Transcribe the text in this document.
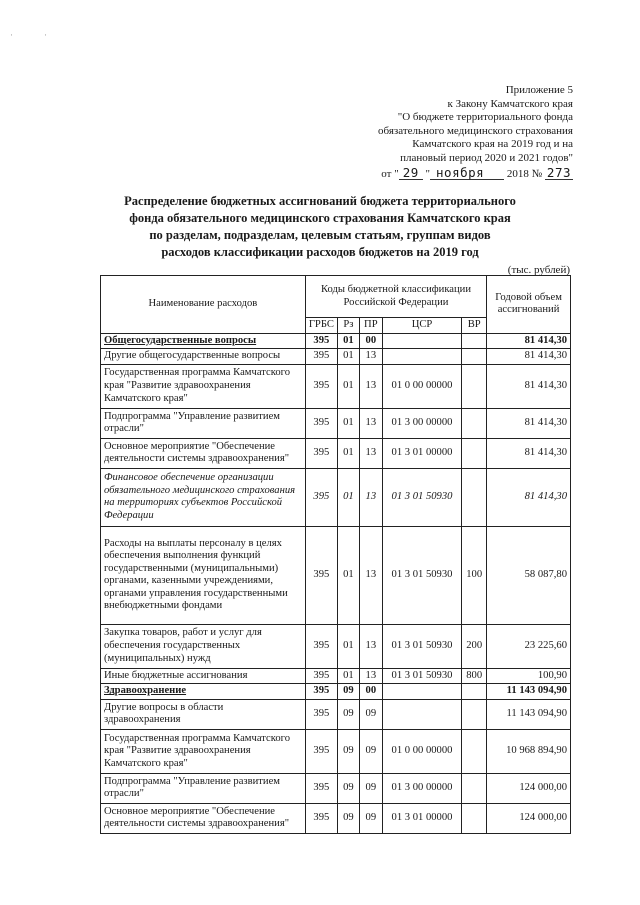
·	·
Приложение 5
к Закону Камчатского края
"О бюджете территориального фонда
обязательного медицинского страхования
Камчатского края на 2019 год и на
плановый период 2020 и 2021 годов"
от " 29 " ноября 2018 № 273
Распределение бюджетных ассигнований бюджета территориального
фонда обязательного медицинского страхования Камчатского края
по разделам, подразделам, целевым статьям, группам видов
расходов классификации расходов бюджетов на 2019 год
(тыс. рублей)
Наименование расходов	Коды бюджетной классификации Российской Федерации					Годовой объем ассигнований
	ГРБС	Рз	ПР	ЦСР	ВР	
Общегосударственные вопросы	395	01	00			81 414,30
Другие общегосударственные вопросы	395	01	13			81 414,30
Государственная программа Камчатского края "Развитие здравоохранения Камчатского края"	395	01	13	01 0 00 00000		81 414,30
Подпрограмма "Управление развитием отрасли"	395	01	13	01 3 00 00000		81 414,30
Основное мероприятие "Обеспечение деятельности системы здравоохранения"	395	01	13	01 3 01 00000		81 414,30
Финансовое обеспечение организации обязательного медицинского страхования на территориях субъектов Российской Федерации	395	01	13	01 3 01 50930		81 414,30
Расходы на выплаты персоналу в целях обеспечения выполнения функций государственными (муниципальными) органами, казенными учреждениями, органами управления государственными внебюджетными фондами	395	01	13	01 3 01 50930	100	58 087,80
Закупка товаров, работ и услуг для обеспечения государственных (муниципальных) нужд	395	01	13	01 3 01 50930	200	23 225,60
Иные бюджетные ассигнования	395	01	13	01 3 01 50930	800	100,90
Здравоохранение	395	09	00			11 143 094,90
Другие вопросы в области здравоохранения	395	09	09			11 143 094,90
Государственная программа Камчатского края "Развитие здравоохранения Камчатского края"	395	09	09	01 0 00 00000		10 968 894,90
Подпрограмма "Управление развитием отрасли"	395	09	09	01 3 00 00000		124 000,00
Основное мероприятие "Обеспечение деятельности системы здравоохранения"	395	09	09	01 3 01 00000		124 000,00
